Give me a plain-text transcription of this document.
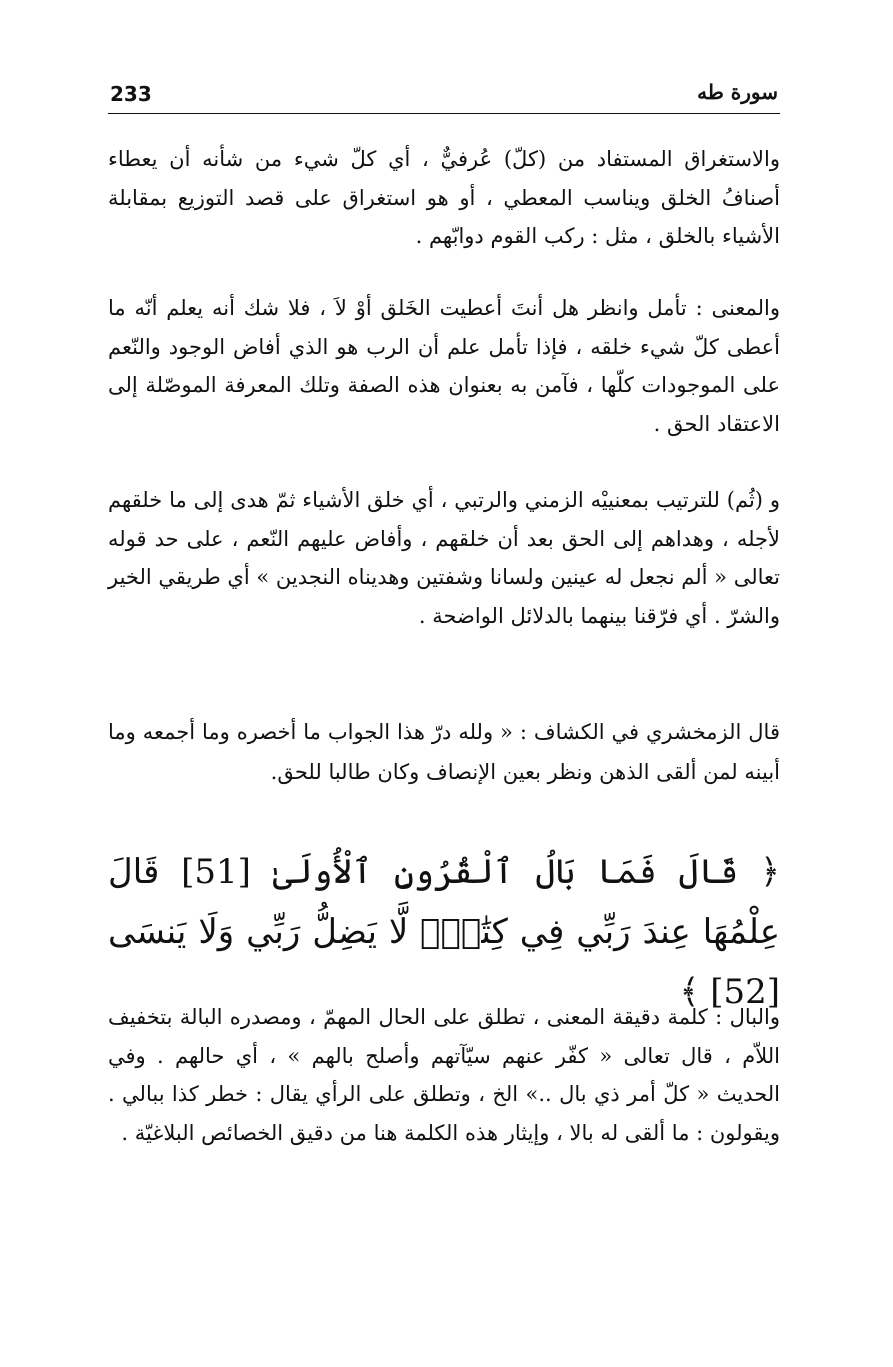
233	سورة طه

والاستغراق المستفاد من (كلّ) عُرفيٌّ ، أي كلّ شيء من شأنه أن يعطاء أصنافُ الخلق ويناسب المعطي ، أو هو استغراق على قصد التوزيع بمقابلة الأشياء بالخلق ، مثل : ركب القوم دوابّهم .

والمعنى : تأمل وانظر هل أنتَ أعطيت الخَلق أوْ لاَ ، فلا شك أنه يعلم أنّه ما أعطى كلّ شيء خلقه ، فإذا تأمل علم أن الرب هو الذي أفاض الوجود والنّعم على الموجودات كلّها ، فآمن به بعنوان هذه الصفة وتلك المعرفة الموصّلة إلى الاعتقاد الحق .

و (ثُم) للترتيب بمعنييْه الزمني والرتبي ، أي خلق الأشياء ثمّ هدى إلى ما خلقهم لأجله ، وهداهم إلى الحق بعد أن خلقهم ، وأفاض عليهم النّعم ، على حد قوله تعالى « ألم نجعل له عينين ولسانا وشفتين وهديناه النجدين » أي طريقي الخير والشرّ . أي فرّقنا بينهما بالدلائل الواضحة .

قال الزمخشري في الكشاف : « ولله درّ هذا الجواب ما أخصره وما أجمعه وما أبينه لمن ألقى الذهن ونظر بعين الإنصاف وكان طالبا للحق.

﴿ قَالَ فَمَا بَالُ ٱلْقُرُونِ ٱلْأُولَىٰ [51] قَالَ عِلْمُهَا عِندَ رَبِّي فِي كِتَٰبٍۖ لَّا يَضِلُّ رَبِّي وَلَا يَنسَى [52] ﴾

والبال : كلمة دقيقة المعنى ، تطلق على الحال المهمّ ، ومصدره البالة بتخفيف اللاّم ، قال تعالى « كفّر عنهم سيّآتهم وأصلح بالهم » ، أي حالهم . وفي الحديث « كلّ أمر ذي بال ..» الخ ، وتطلق على الرأي يقال : خطر كذا ببالي . ويقولون : ما ألقى له بالا ، وإيثار هذه الكلمة هنا من دقيق الخصائص البلاغيّة .
